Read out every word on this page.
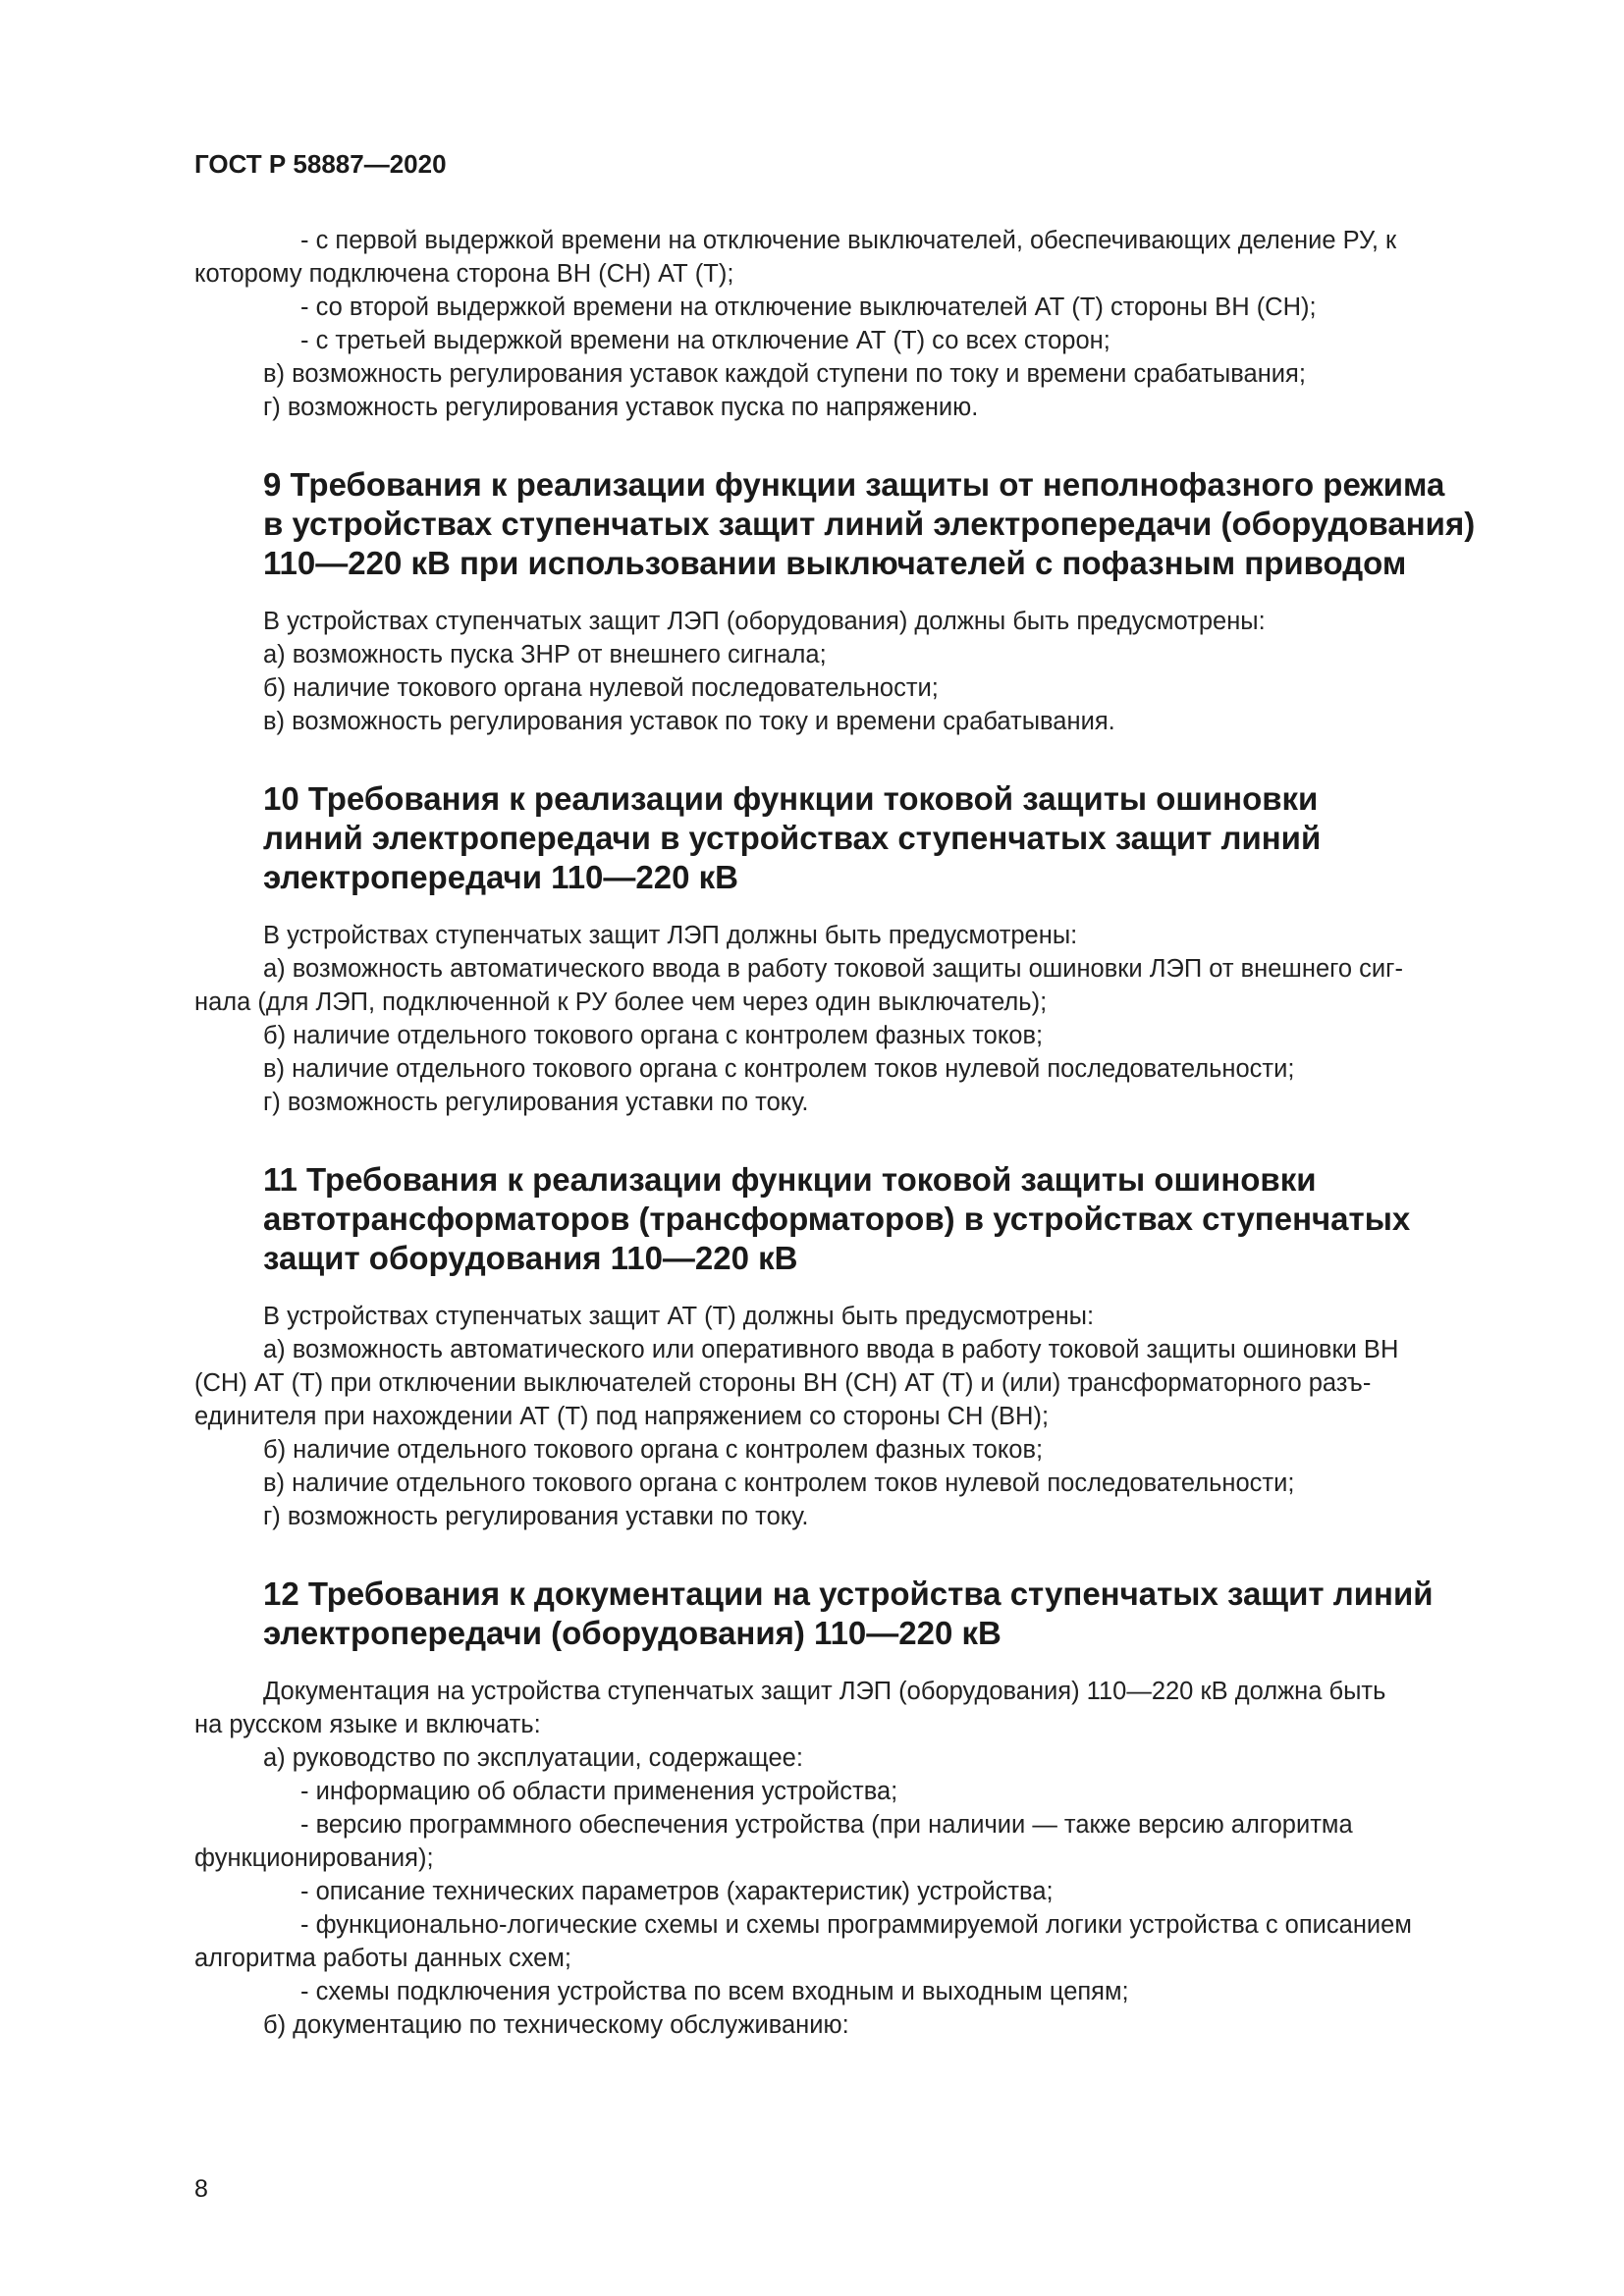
ГОСТ Р 58887—2020
- с первой выдержкой времени на отключение выключателей, обеспечивающих деление РУ, к
которому подключена сторона ВН (СН) АТ (Т);
- со второй выдержкой времени на отключение выключателей АТ (Т) стороны ВН (СН);
- с третьей выдержкой времени на отключение АТ (Т) со всех сторон;
в) возможность регулирования уставок каждой ступени по току и времени срабатывания;
г) возможность регулирования уставок пуска по напряжению.
9 Требования к реализации функции защиты от неполнофазного режима
в устройствах ступенчатых защит линий электропередачи (оборудования)
110—220 кВ при использовании выключателей с пофазным приводом
В устройствах ступенчатых защит ЛЭП (оборудования) должны быть предусмотрены:
а) возможность пуска ЗНР от внешнего сигнала;
б) наличие токового органа нулевой последовательности;
в) возможность регулирования уставок по току и времени срабатывания.
10 Требования к реализации функции токовой защиты ошиновки
линий электропередачи в устройствах ступенчатых защит линий
электропередачи 110—220 кВ
В устройствах ступенчатых защит ЛЭП должны быть предусмотрены:
а) возможность автоматического ввода в работу токовой защиты ошиновки ЛЭП от внешнего сиг-
нала (для ЛЭП, подключенной к РУ более чем через один выключатель);
б) наличие отдельного токового органа с контролем фазных токов;
в) наличие отдельного токового органа с контролем токов нулевой последовательности;
г) возможность регулирования уставки по току.
11 Требования к реализации функции токовой защиты ошиновки
автотрансформаторов (трансформаторов) в устройствах ступенчатых
защит оборудования 110—220 кВ
В устройствах ступенчатых защит АТ (Т) должны быть предусмотрены:
а) возможность автоматического или оперативного ввода в работу токовой защиты ошиновки ВН
(СН) АТ (Т) при отключении выключателей стороны ВН (СН) АТ (Т) и (или) трансформаторного разъ-
единителя при нахождении АТ (Т) под напряжением со стороны СН (ВН);
б) наличие отдельного токового органа с контролем фазных токов;
в) наличие отдельного токового органа с контролем токов нулевой последовательности;
г) возможность регулирования уставки по току.
12 Требования к документации на устройства ступенчатых защит линий
электропередачи (оборудования) 110—220 кВ
Документация на устройства ступенчатых защит ЛЭП (оборудования) 110—220 кВ должна быть
на русском языке и включать:
а) руководство по эксплуатации, содержащее:
- информацию об области применения устройства;
- версию программного обеспечения устройства (при наличии — также версию алгоритма
функционирования);
- описание технических параметров (характеристик) устройства;
- функционально-логические схемы и схемы программируемой логики устройства с описанием
алгоритма работы данных схем;
- схемы подключения устройства по всем входным и выходным цепям;
б) документацию по техническому обслуживанию:
8
